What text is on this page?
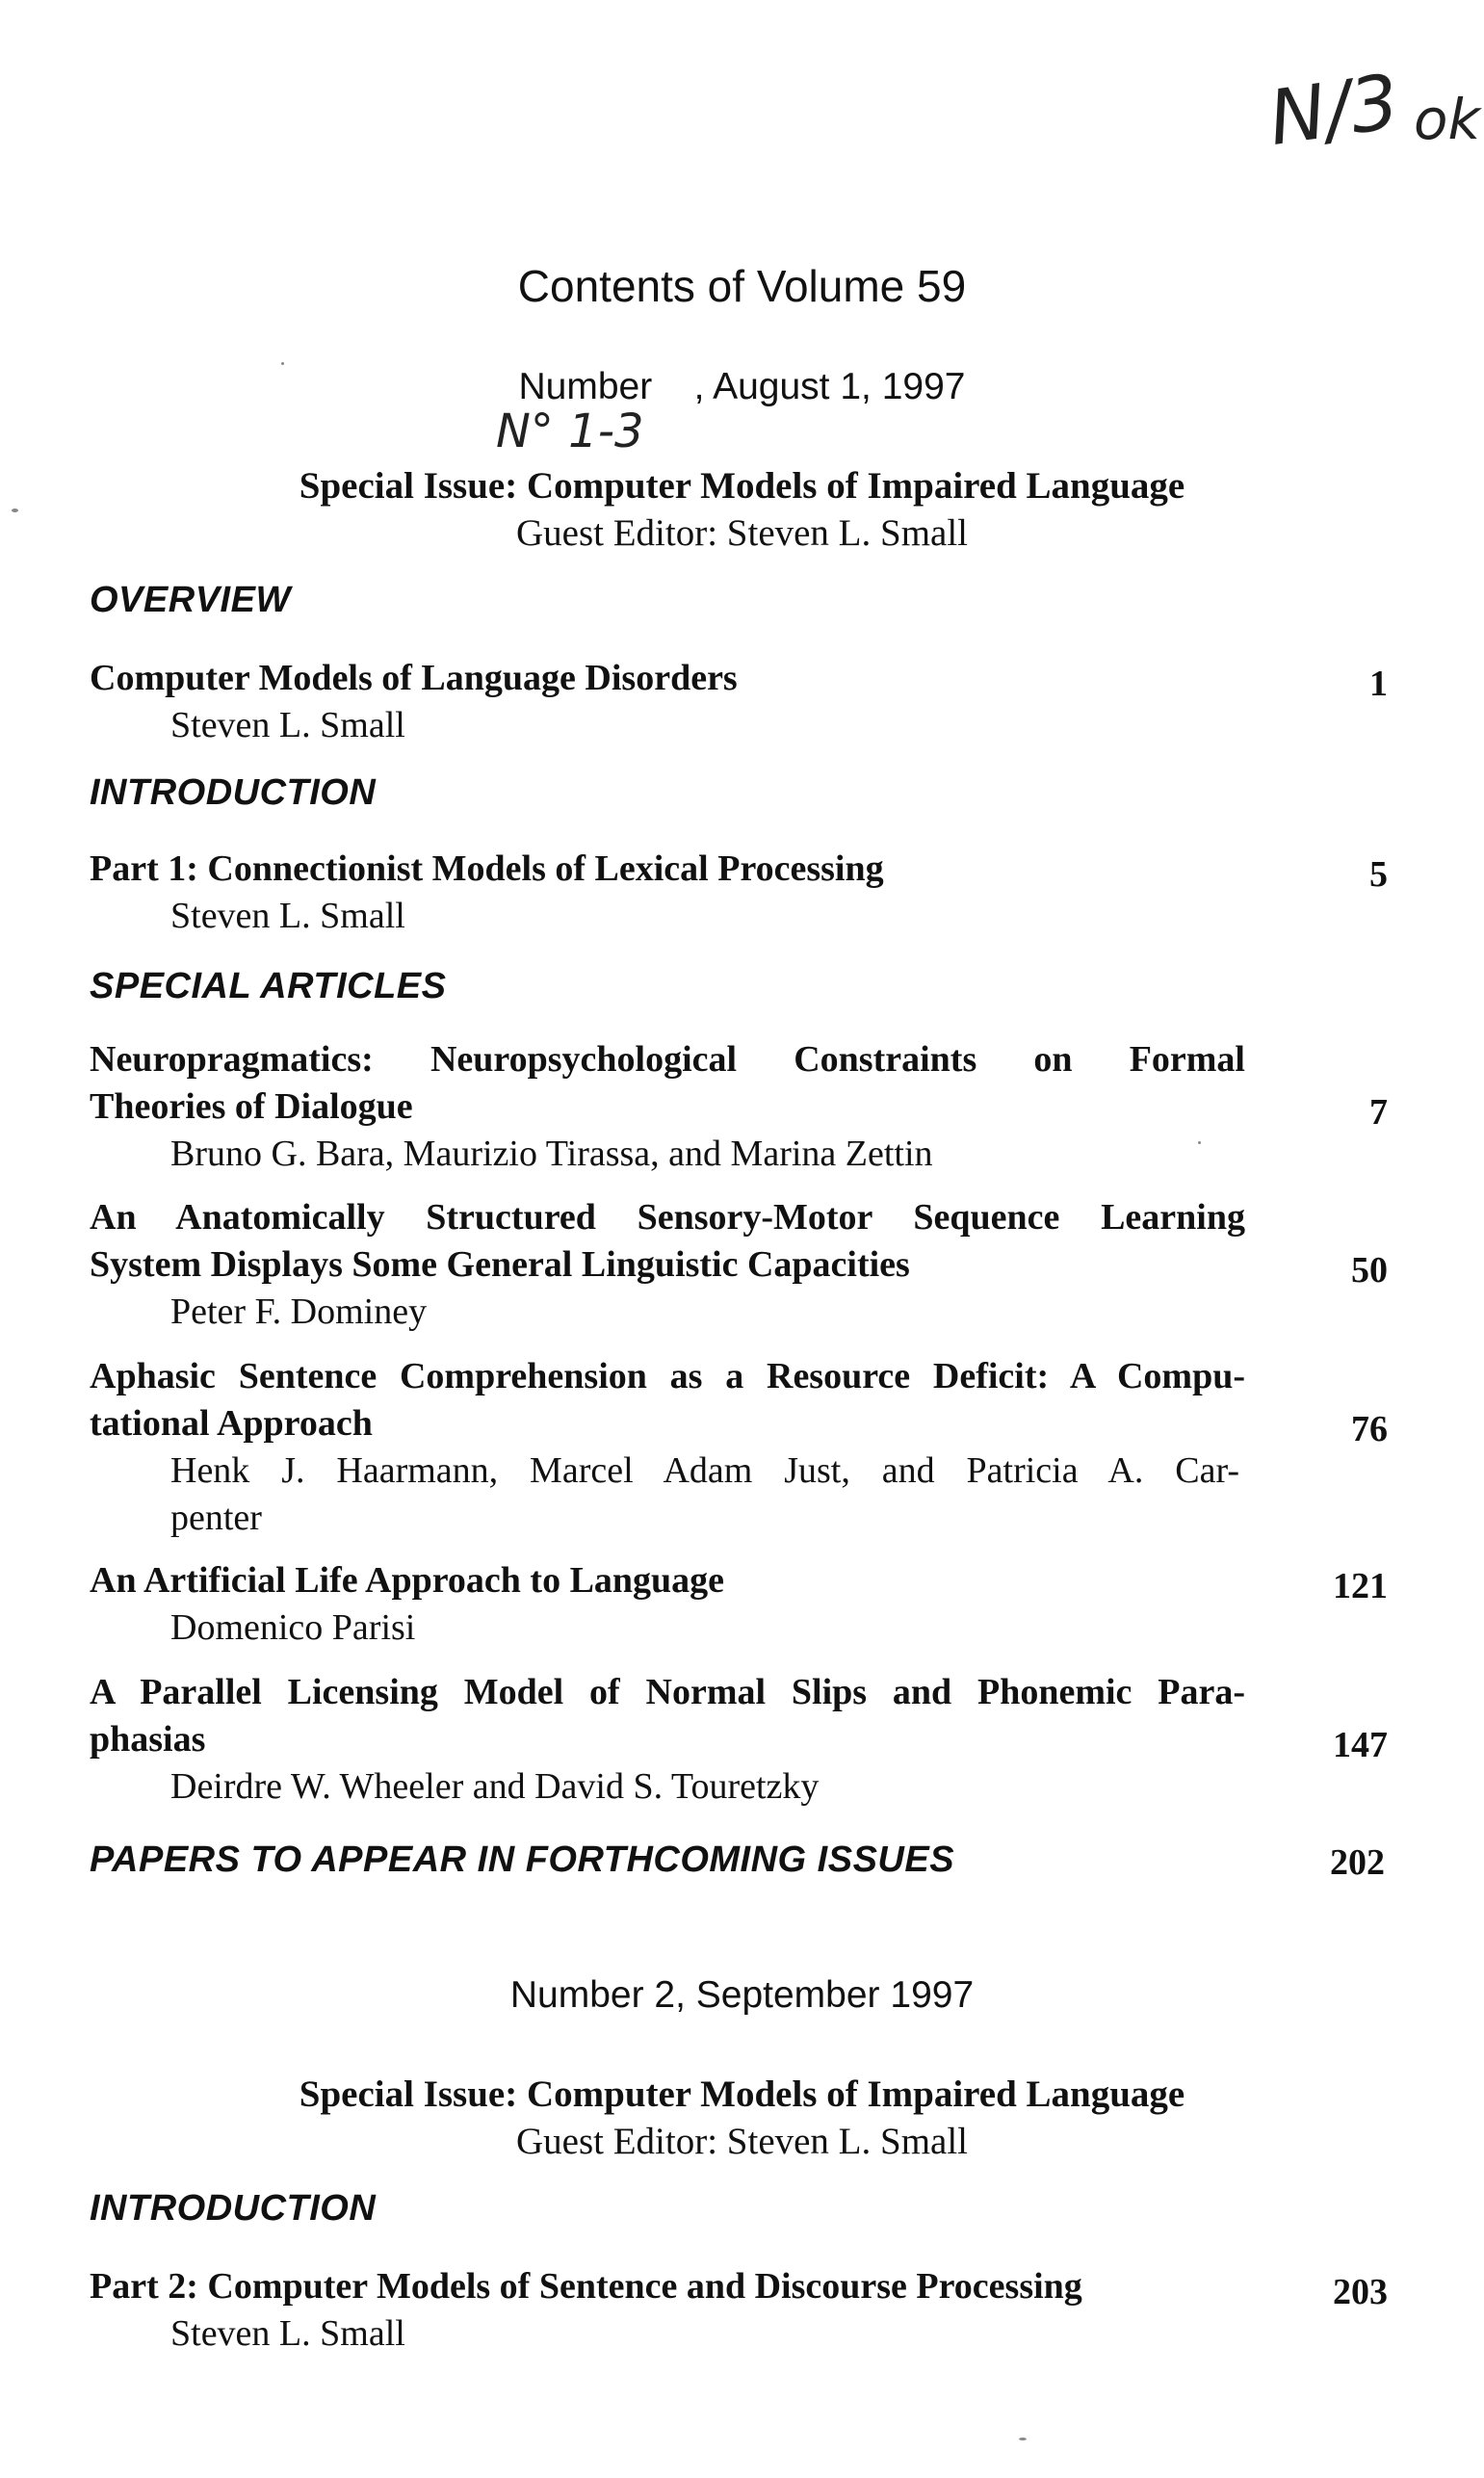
N/3 ok
N° 1-3
Contents of Volume 59
Number    , August 1, 1997
Special Issue: Computer Models of Impaired Language
Guest Editor: Steven L. Small
OVERVIEW
Computer Models of Language Disorders
Steven L. Small
1
INTRODUCTION
Part 1: Connectionist Models of Lexical Processing
Steven L. Small
5
SPECIAL ARTICLES
Neuropragmatics: Neuropsychological Constraints on Formal
Theories of Dialogue
Bruno G. Bara, Maurizio Tirassa, and Marina Zettin
7
An Anatomically Structured Sensory-Motor Sequence Learning
System Displays Some General Linguistic Capacities
Peter F. Dominey
50
Aphasic Sentence Comprehension as a Resource Deficit: A Compu-
tational Approach
Henk J. Haarmann, Marcel Adam Just, and Patricia A. Car-
penter
76
An Artificial Life Approach to Language
Domenico Parisi
121
A Parallel Licensing Model of Normal Slips and Phonemic Para-
phasias
Deirdre W. Wheeler and David S. Touretzky
147
PAPERS TO APPEAR IN FORTHCOMING ISSUES	202
Number 2, September 1997
Special Issue: Computer Models of Impaired Language
Guest Editor: Steven L. Small
INTRODUCTION
Part 2: Computer Models of Sentence and Discourse Processing
Steven L. Small
203
